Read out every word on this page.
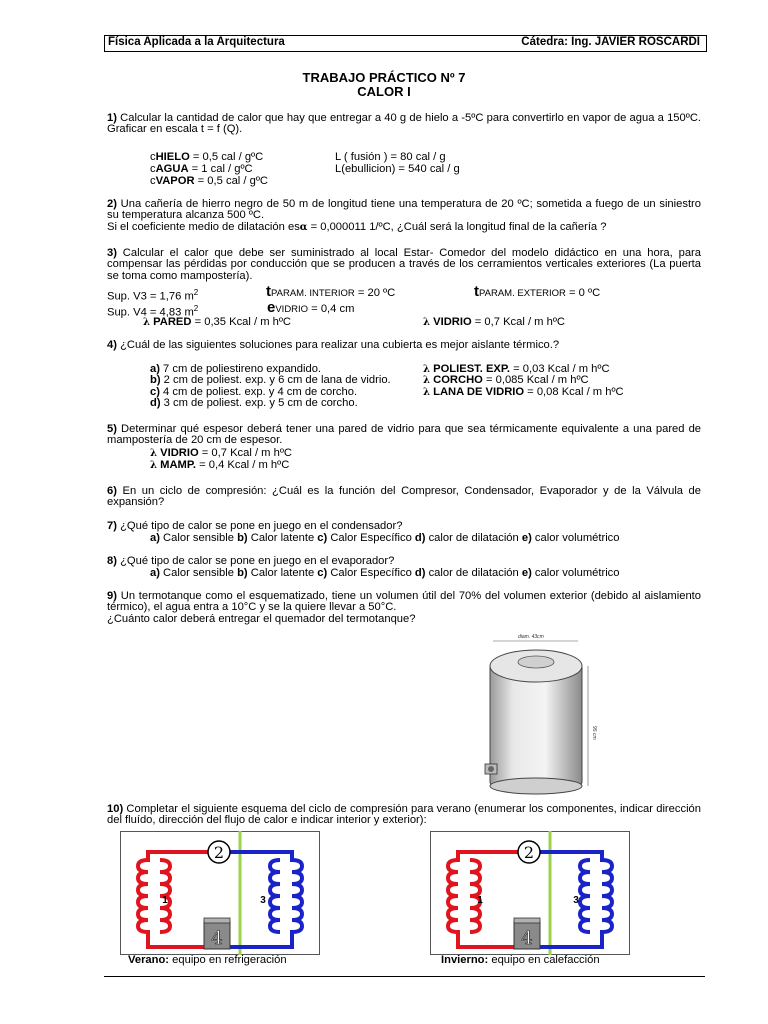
Física Aplicada a la Arquitectura	Cátedra: Ing. JAVIER ROSCARDI
TRABAJO PRÁCTICO Nº 7
CALOR I
1) Calcular la cantidad de calor que hay que entregar a 40 g de hielo a -5ºC para convertirlo en vapor de agua a 150ºC. Graficar en escala t = f (Q).
cHIELO = 0,5 cal / gºC
cAGUA = 1 cal / gºC
cVAPOR = 0,5 cal / gºC
L ( fusión ) = 80 cal / g
L(ebullicion) = 540 cal / g
2) Una cañería de hierro negro de 50 m de longitud tiene una temperatura de 20 ºC; sometida a fuego de un siniestro su temperatura alcanza 500 ºC.
Si el coeficiente medio de dilatación esα = 0,000011 1/ºC, ¿Cuál será la longitud final de la cañería ?
3) Calcular el calor que debe ser suministrado al local Estar- Comedor del modelo didáctico en una hora, para compensar las pérdidas por conducción que se producen a través de los cerramientos verticales exteriores (La puerta se toma como mampostería).
Sup. V3 = 1,76 $m^2$
Sup. V4 = 4,83 $m^2$
tPARAM. INTERIOR = 20 ºC	tPARAM. EXTERIOR = 0 ºC
eVIDRIO = 0,4 cm
λ PARED = 0,35 Kcal / m hºC	λ VIDRIO = 0,7 Kcal / m hºC
4) ¿Cuál de las siguientes soluciones para realizar una cubierta es mejor aislante térmico.?
a) 7 cm de poliestireno expandido.
b) 2 cm de poliest. exp. y 6 cm de lana de vidrio.
c) 4 cm de poliest. exp. y 4 cm de corcho.
d) 3 cm de poliest. exp. y 5 cm de corcho.
λ POLIEST. EXP. = 0,03 Kcal / m hºC
λ CORCHO = 0,085 Kcal / m hºC
λ LANA DE VIDRIO = 0,08 Kcal / m hºC
5) Determinar qué espesor deberá tener una pared de vidrio para que sea térmicamente equivalente a una pared de mampostería de 20 cm de espesor.
λ VIDRIO = 0,7 Kcal / m hºC
λ MAMP. = 0,4 Kcal / m hºC
6) En un ciclo de compresión: ¿Cuál es la función del Compresor, Condensador, Evaporador y de la Válvula de expansión?
7) ¿Qué tipo de calor se pone en juego en el condensador?
a) Calor sensible b) Calor latente c) Calor Específico d) calor de dilatación e) calor volumétrico
8) ¿Qué tipo de calor se pone en juego en el evaporador?
a) Calor sensible b) Calor latente c) Calor Específico d) calor de dilatación e) calor volumétrico
9) Un termotanque como el esquematizado, tiene un volumen útil del 70% del volumen exterior (debido al aislamiento térmico), el agua entra a 10°C y se la quiere llevar a 50°C.
¿Cuánto calor deberá entregar el quemador del termotanque?
diam. 43cm
95 cm
10) Completar el siguiente esquema del ciclo de compresión para verano (enumerar los componentes, indicar dirección del fluído, dirección del flujo de calor e indicar interior y exterior):
2
1	3
4
Verano: equipo en refrigeración
2
1	3
4
Invierno: equipo en calefacción
